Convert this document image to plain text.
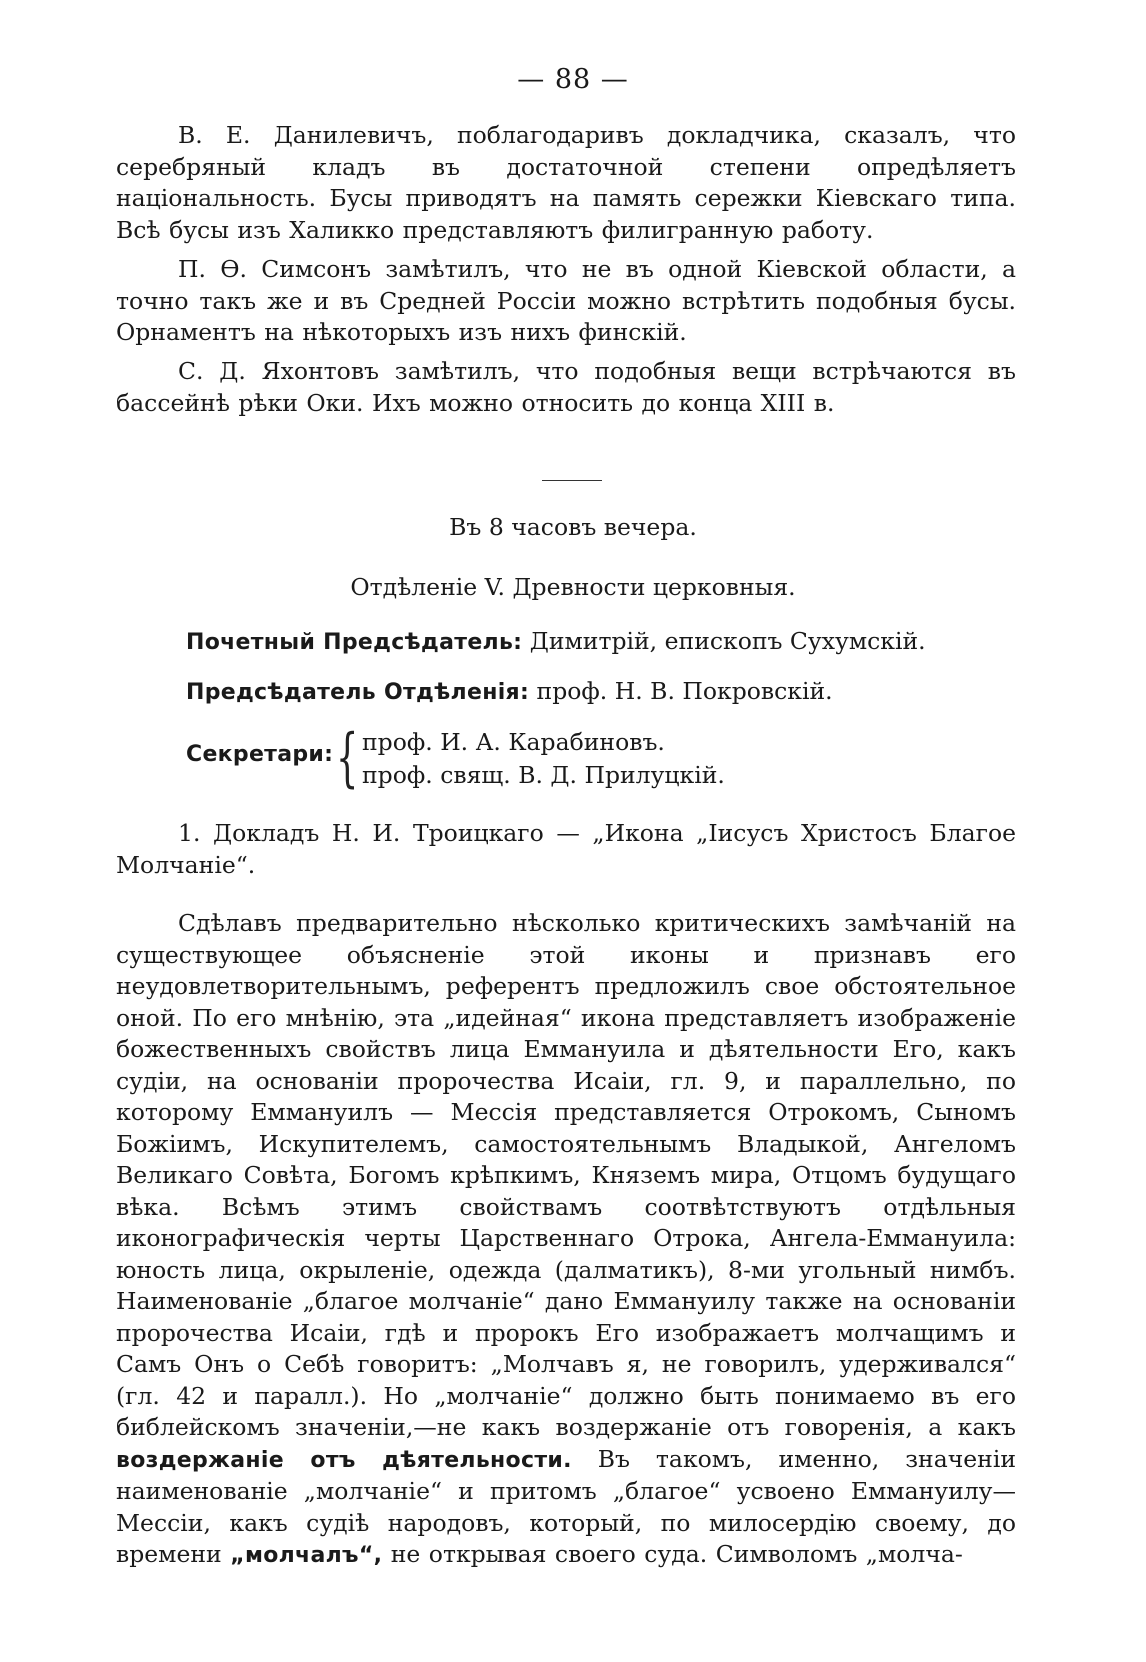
— 88 —

В. Е. Данилевичъ, поблагодаривъ докладчика, сказалъ, что серебряный кладъ въ достаточной степени опредѣляетъ національность. Бусы приводятъ на память сережки Кіевскаго типа. Всѣ бусы изъ Халикко представляютъ филигранную работу.

П. Ѳ. Симсонъ замѣтилъ, что не въ одной Кіевской области, а точно такъ же и въ Средней Россіи можно встрѣтить подобныя бусы. Орнаментъ на нѣкоторыхъ изъ нихъ финскій.

С. Д. Яхонтовъ замѣтилъ, что подобныя вещи встрѣчаются въ бассейнѣ рѣки Оки. Ихъ можно относить до конца XIII в.

Въ 8 часовъ вечера.
Отдѣленіе V. Древности церковныя.
Почетный Предсѣдатель: Димитрій, епископъ Сухумскій.
Предсѣдатель Отдѣленія: проф. Н. В. Покровскій.
Секретари: { проф. И. А. Карабиновъ.
проф. свящ. В. Д. Прилуцкій.

1. Докладъ Н. И. Троицкаго — „Икона „Іисусъ Христосъ Благое Молчаніе“.

Сдѣлавъ предварительно нѣсколько критическихъ замѣчаній на существующее объясненіе этой иконы и признавъ его неудовлетворительнымъ, референтъ предложилъ свое обстоятельное оной. По его мнѣнію, эта „идейная“ икона представляетъ изображеніе божественныхъ свойствъ лица Еммануила и дѣятельности Его, какъ судіи, на основаніи пророчества Исаіи, гл. 9, и параллельно, по которому Еммануилъ — Мессія представляется Отрокомъ, Сыномъ Божіимъ, Искупителемъ, самостоятельнымъ Владыкой, Ангеломъ Великаго Совѣта, Богомъ крѣпкимъ, Княземъ мира, Отцомъ будущаго вѣка. Всѣмъ этимъ свойствамъ соотвѣтствуютъ отдѣльныя иконографическія черты Царственнаго Отрока, Ангела-Еммануила: юность лица, окрыленіе, одежда (далматикъ), 8-ми угольный нимбъ. Наименованіе „благое молчаніе“ дано Еммануилу также на основаніи пророчества Исаіи, гдѣ и пророкъ Его изображаетъ молчащимъ и Самъ Онъ о Себѣ говоритъ: „Молчавъ я, не говорилъ, удерживался“ (гл. 42 и паралл.). Но „молчаніе“ должно быть понимаемо въ его библейскомъ значеніи,—не какъ воздержаніе отъ говоренія, а какъ воздержаніе отъ дѣятельности. Въ такомъ, именно, значеніи наименованіе „молчаніе“ и притомъ „благое“ усвоено Еммануилу—Мессіи, какъ судіѣ народовъ, который, по милосердію своему, до времени „молчалъ“, не открывая своего суда. Символомъ „молча-
